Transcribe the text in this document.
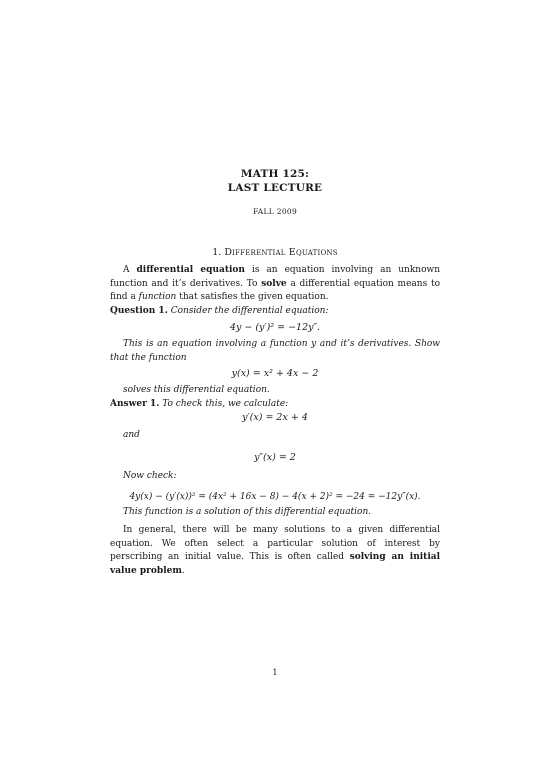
MATH 125:
LAST LECTURE
FALL 2009
1. Differential Equations
A differential equation is an equation involving an unknown function and it’s derivatives. To solve a differential equation means to find a function that satisfies the given equation.
Question 1. Consider the differential equation:
4y − (y′)² = −12y″.
This is an equation involving a function y and it’s derivatives. Show that the function
y(x) = x² + 4x − 2
solves this differential equation.
Answer 1. To check this, we calculate:
y′(x) = 2x + 4
and
y″(x) = 2
Now check:
4y(x) − (y′(x))² = (4x² + 16x − 8) − 4(x + 2)² = −24 = −12y″(x).
This function is a solution of this differential equation.
In general, there will be many solutions to a given differential equation. We often select a particular solution of interest by perscribing an initial value. This is often called solving an initial value problem.
1
